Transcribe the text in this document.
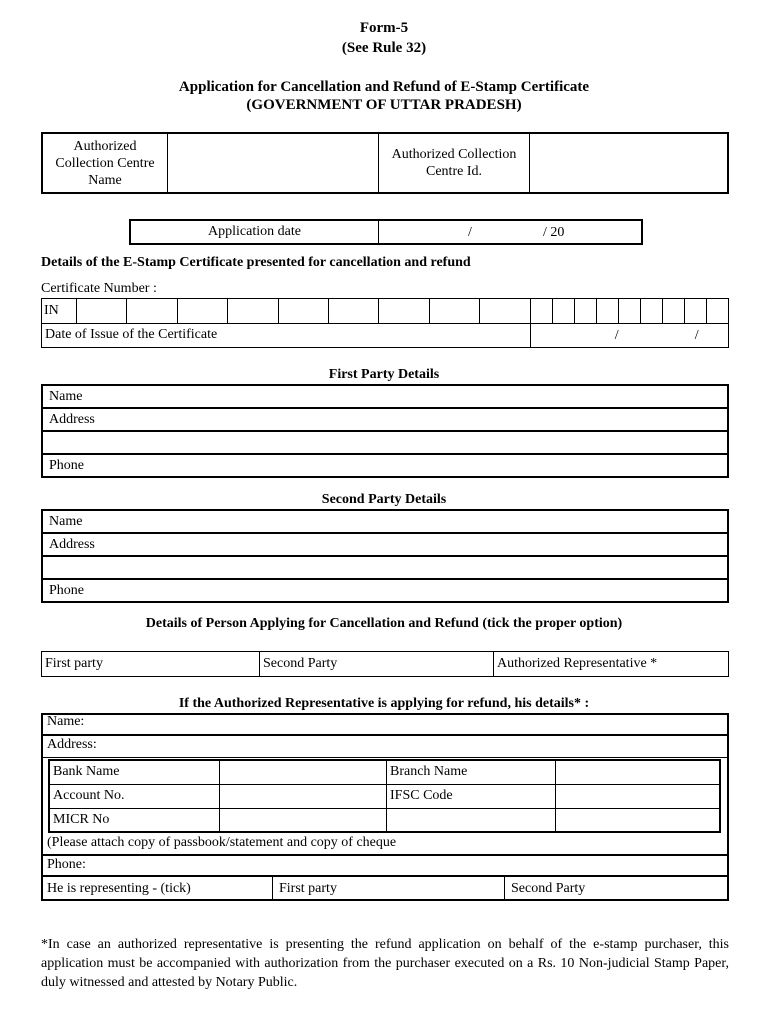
Form-5
(See Rule 32)
Application for Cancellation and Refund of E-Stamp Certificate
(GOVERNMENT OF UTTAR PRADESH)
Authorized Collection Centre Name		Authorized Collection Centre Id.	
Application date	/	/ 20
Details of the E-Stamp Certificate presented for cancellation and refund
Certificate Number :
IN																		
Date of Issue of the Certificate										/ /								
First Party Details
Name
Address

Phone
Second Party Details
Name
Address

Phone
Details of Person Applying for Cancellation and Refund (tick the proper option)
First party	Second Party	Authorized Representative *
If the Authorized Representative is applying for refund, his details* :
Name:
Address:
Bank Name		Branch Name	
Account No.		IFSC Code	
MICR No			
(Please attach copy of passbook/statement and copy of cheque
Phone:
He is representing - (tick)	First party	Second Party
*In case an authorized representative is presenting the refund application on behalf of the e-stamp purchaser, this application must be accompanied with authorization from the purchaser executed on a Rs. 10 Non-judicial Stamp Paper, duly witnessed and attested by Notary Public.
